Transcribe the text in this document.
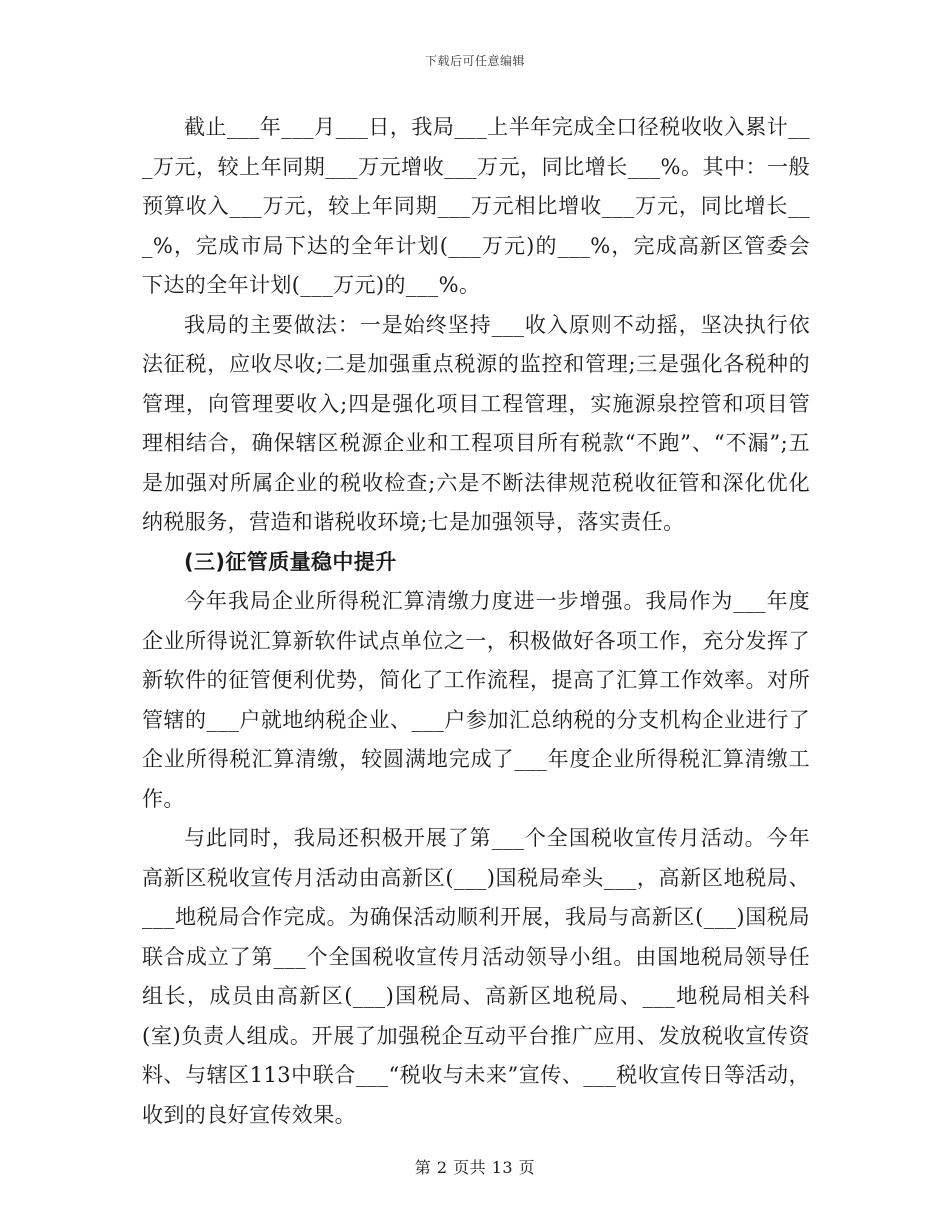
下载后可任意编辑

截止___年___月___日，我局___上半年完成全口径税收收入累计___万元，较上年同期___万元增收___万元，同比增长___%。其中：一般预算收入___万元，较上年同期___万元相比增收___万元，同比增长___%，完成市局下达的全年计划(___万元)的___%，完成高新区管委会下达的全年计划(___万元)的___%。

我局的主要做法：一是始终坚持___收入原则不动摇，坚决执行依法征税，应收尽收;二是加强重点税源的监控和管理;三是强化各税种的管理，向管理要收入;四是强化项目工程管理，实施源泉控管和项目管理相结合，确保辖区税源企业和工程项目所有税款“不跑”、“不漏”;五是加强对所属企业的税收检查;六是不断法律规范税收征管和深化优化纳税服务，营造和谐税收环境;七是加强领导，落实责任。

(三)征管质量稳中提升

今年我局企业所得税汇算清缴力度进一步增强。我局作为___年度企业所得说汇算新软件试点单位之一，积极做好各项工作，充分发挥了新软件的征管便利优势，简化了工作流程，提高了汇算工作效率。对所管辖的___户就地纳税企业、___户参加汇总纳税的分支机构企业进行了企业所得税汇算清缴，较圆满地完成了___年度企业所得税汇算清缴工作。

与此同时，我局还积极开展了第___个全国税收宣传月活动。今年高新区税收宣传月活动由高新区(___)国税局牵头___，高新区地税局、___地税局合作完成。为确保活动顺利开展，我局与高新区(___)国税局联合成立了第___个全国税收宣传月活动领导小组。由国地税局领导任组长，成员由高新区(___)国税局、高新区地税局、___地税局相关科(室)负责人组成。开展了加强税企互动平台推广应用、发放税收宣传资料、与辖区113中联合___“税收与未来”宣传、___税收宣传日等活动，收到的良好宣传效果。

第 2 页共 13 页
